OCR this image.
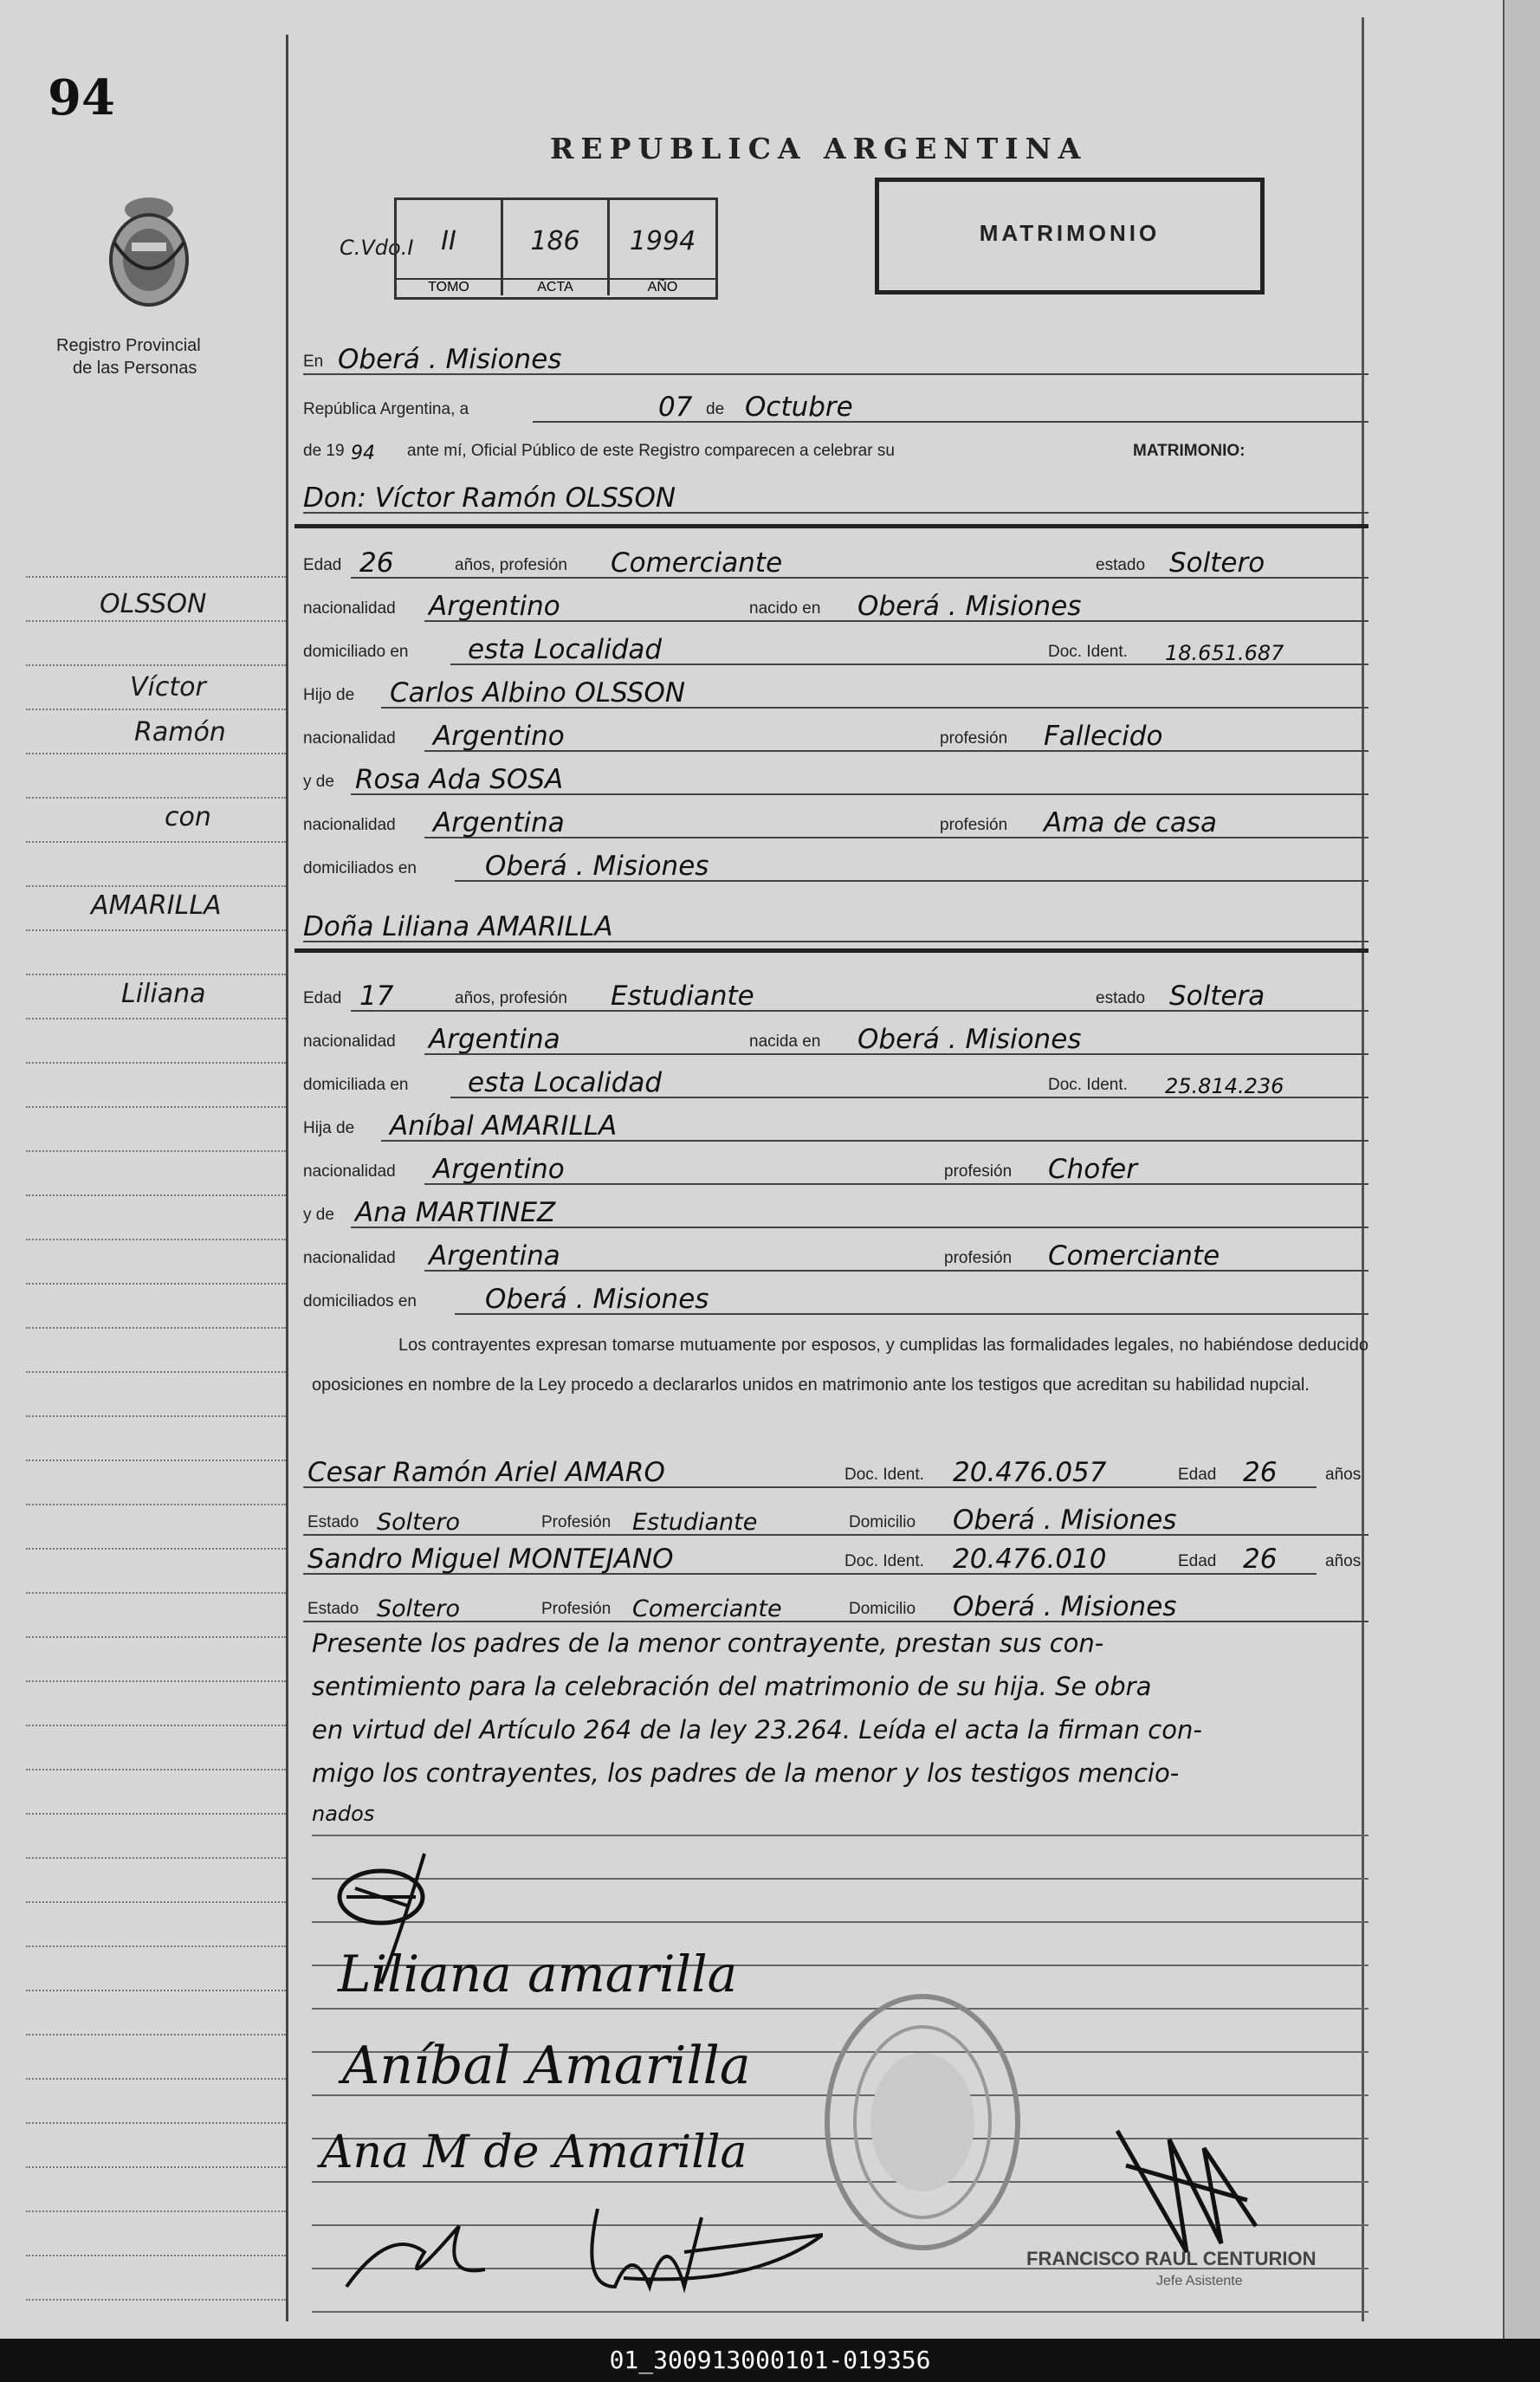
94
Registro Provincial
de las Personas
REPUBLICA ARGENTINA
MATRIMONIO
C.Vdo.I	II
TOMO
186
ACTA
1994
AÑO
OLSSON
Víctor
Ramón
con
AMARILLA
Liliana
En Oberá . Misiones
República Argentina, a	07 de Octubre
de 19 94 ante mí, Oficial Público de este Registro comparecen a celebrar su	MATRIMONIO:
Don: Víctor Ramón OLSSON
Edad 26	años, profesión Comerciante	estado Soltero
nacionalidad Argentino	nacido en Oberá . Misiones
domiciliado en esta Localidad	Doc. Ident. 18.651.687
Hijo de Carlos Albino OLSSON
nacionalidad Argentino	profesión Fallecido
y de Rosa Ada SOSA
nacionalidad Argentina	profesión Ama de casa
domiciliados en	Oberá . Misiones
Doña Liliana AMARILLA
Edad 17	años, profesión Estudiante	estado Soltera
nacionalidad Argentina	nacida en Oberá . Misiones
domiciliada en esta Localidad	Doc. Ident. 25.814.236
Hija de Aníbal AMARILLA
nacionalidad Argentino	profesión Chofer
y de Ana MARTINEZ
nacionalidad Argentina	profesión Comerciante
domiciliados en	Oberá . Misiones
Los contrayentes expresan tomarse mutuamente por esposos, y cumplidas las formalidades legales, no habiéndose deducido oposiciones en nombre de la Ley procedo a declararlos unidos en matrimonio ante los testigos que acreditan su habilidad nupcial.
Cesar Ramón Ariel AMARO	Doc. Ident. 20.476.057	Edad 26	años
Estado Soltero	Profesión Estudiante	Domicilio Oberá . Misiones
Sandro Miguel MONTEJANO	Doc. Ident. 20.476.010	Edad 26	años
Estado Soltero	Profesión Comerciante	Domicilio Oberá . Misiones
Presente los padres de la menor contrayente, prestan sus con-
sentimiento para la celebración del matrimonio de su hija. Se obra
en virtud del Artículo 264 de la ley 23.264. Leída el acta la firman con-
migo los contrayentes, los padres de la menor y los testigos mencio-
nados
Liliana amarilla
Aníbal Amarilla
Ana M de Amarilla
FRANCISCO RAUL CENTURION
Jefe Asistente
01_300913000101-019356
